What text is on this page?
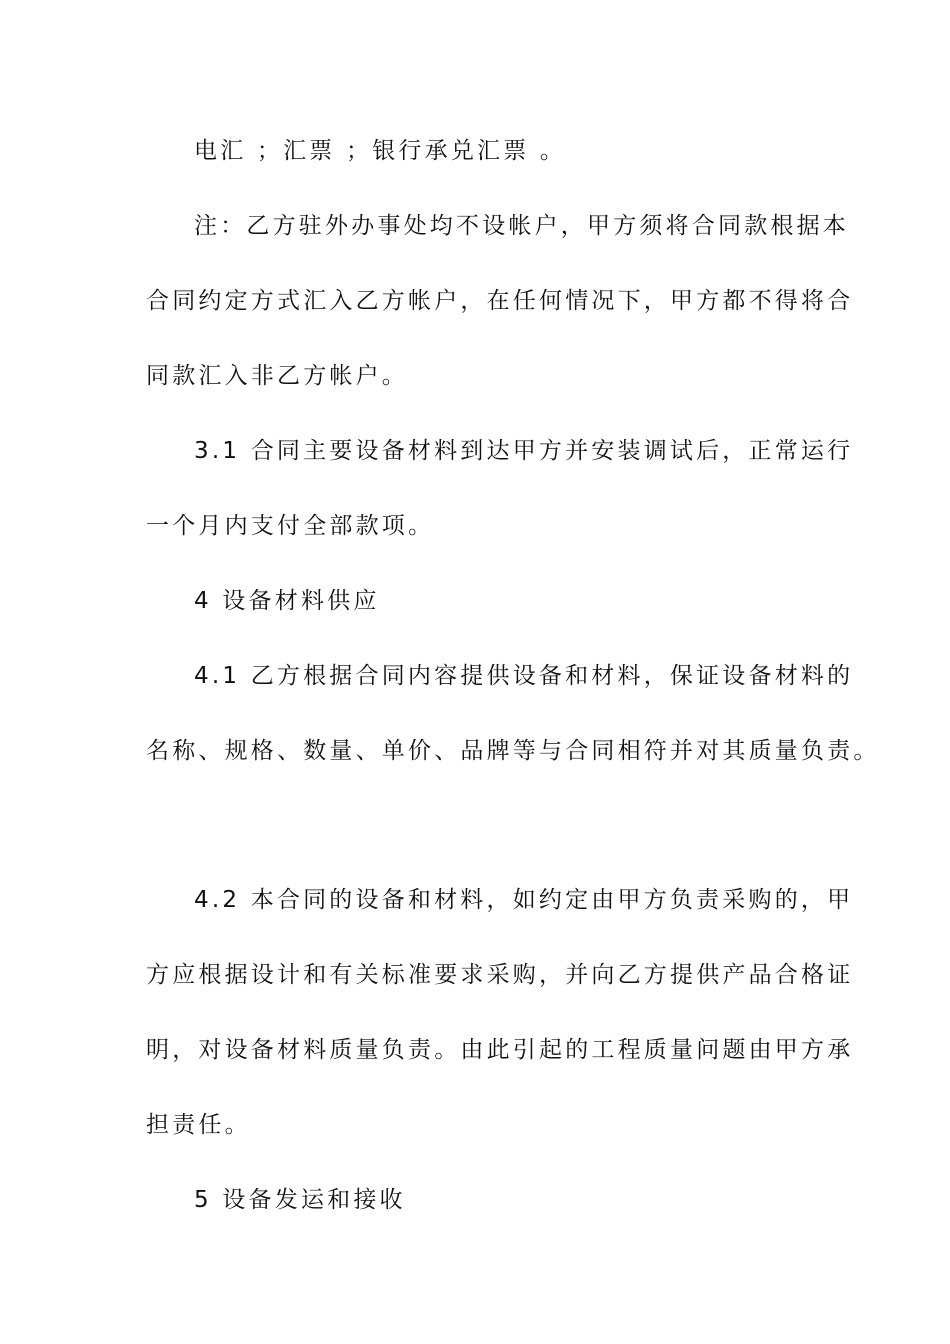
电汇 ；汇票 ；银行承兑汇票 。
注：乙方驻外办事处均不设帐户，甲方须将合同款根据本
合同约定方式汇入乙方帐户，在任何情况下，甲方都不得将合
同款汇入非乙方帐户。
3.1 合同主要设备材料到达甲方并安装调试后，正常运行
一个月内支付全部款项。
4 设备材料供应
4.1 乙方根据合同内容提供设备和材料，保证设备材料的
名称、规格、数量、单价、品牌等与合同相符并对其质量负责。
4.2 本合同的设备和材料，如约定由甲方负责采购的，甲
方应根据设计和有关标准要求采购，并向乙方提供产品合格证
明，对设备材料质量负责。由此引起的工程质量问题由甲方承
担责任。
5 设备发运和接收
